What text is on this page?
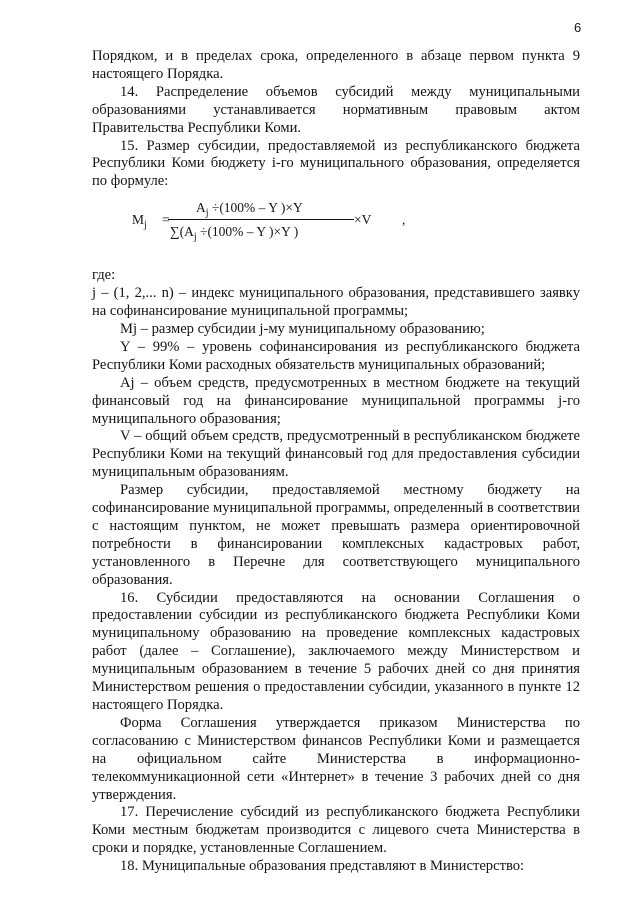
6

Порядком, и в пределах срока, определенного в абзаце первом пункта 9 настоящего Порядка.

14. Распределение объемов субсидий между муниципальными образованиями устанавливается нормативным правовым актом Правительства Республики Коми.

15. Размер субсидии, предоставляемой из республиканского бюджета Республики Коми бюджету i-го муниципального образования, определяется по формуле:

$M_j$ =
$A_j \div(100\% - Y$ )×Y
$\sum(A_j \div(100\% - Y$ )×Y )
×V ,

где:

j – (1, 2,... n) – индекс муниципального образования, представившего заявку на софинансирование муниципальной программы;

Mj – размер субсидии j-му муниципальному образованию;

Y – 99% – уровень софинансирования из республиканского бюджета Республики Коми расходных обязательств муниципальных образований;

Aj – объем средств, предусмотренных в местном бюджете на текущий финансовый год на финансирование муниципальной программы j-го муниципального образования;

V – общий объем средств, предусмотренный в республиканском бюджете Республики Коми на текущий финансовый год для предоставления субсидии муниципальным образованиям.

Размер субсидии, предоставляемой местному бюджету на софинансирование муниципальной программы, определенный в соответствии с настоящим пунктом, не может превышать размера ориентировочной потребности в финансировании комплексных кадастровых работ, установленного в Перечне для соответствующего муниципального образования.

16. Субсидии предоставляются на основании Соглашения о предоставлении субсидии из республиканского бюджета Республики Коми муниципальному образованию на проведение комплексных кадастровых работ (далее – Соглашение), заключаемого между Министерством и муниципальным образованием в течение 5 рабочих дней со дня принятия Министерством решения о предоставлении субсидии, указанного в пункте 12 настоящего Порядка.

Форма Соглашения утверждается приказом Министерства по согласованию с Министерством финансов Республики Коми и размещается на официальном сайте Министерства в информационно-телекоммуникационной сети «Интернет» в течение 3 рабочих дней со дня утверждения.

17. Перечисление субсидий из республиканского бюджета Республики Коми местным бюджетам производится с лицевого счета Министерства в сроки и порядке, установленные Соглашением.

18. Муниципальные образования представляют в Министерство:
